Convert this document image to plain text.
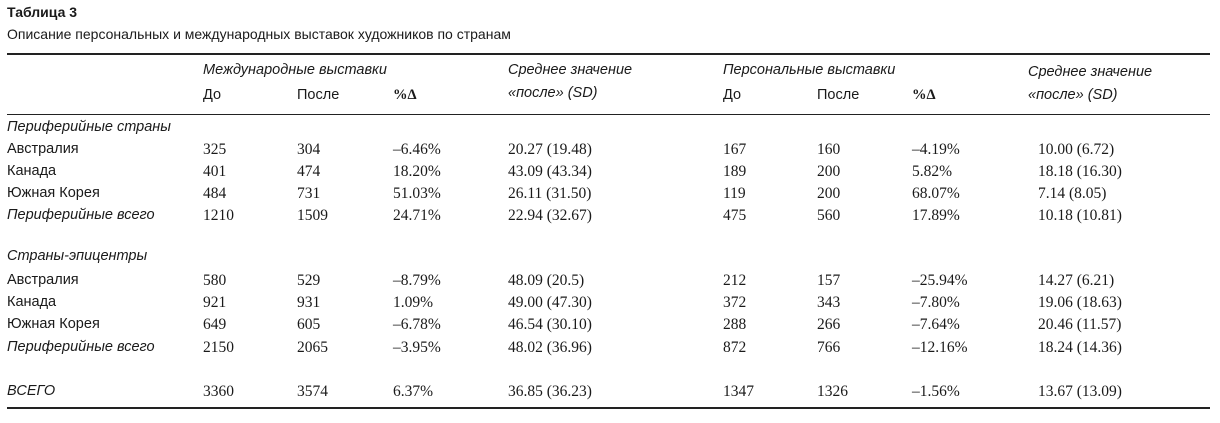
Таблица 3
Описание персональных и международных выставок художников по странам
Международные выставки	Среднее значение	Персональные выставки	Среднее значение
До	После	%Δ	«после» (SD)	До	После	%Δ	«после» (SD)
Периферийные страны
Австралия	325	304	–6.46%	20.27 (19.48)	167	160	–4.19%	10.00 (6.72)
Канада	401	474	18.20%	43.09 (43.34)	189	200	5.82%	18.18 (16.30)
Южная Корея	484	731	51.03%	26.11 (31.50)	119	200	68.07%	7.14 (8.05)
Периферийные всего	1210	1509	24.71%	22.94 (32.67)	475	560	17.89%	10.18 (10.81)
Страны-эпицентры
Австралия	580	529	–8.79%	48.09 (20.5)	212	157	–25.94%	14.27 (6.21)
Канада	921	931	1.09%	49.00 (47.30)	372	343	–7.80%	19.06 (18.63)
Южная Корея	649	605	–6.78%	46.54 (30.10)	288	266	–7.64%	20.46 (11.57)
Периферийные всего	2150	2065	–3.95%	48.02 (36.96)	872	766	–12.16%	18.24 (14.36)
ВСЕГО	3360	3574	6.37%	36.85 (36.23)	1347	1326	–1.56%	13.67 (13.09)
